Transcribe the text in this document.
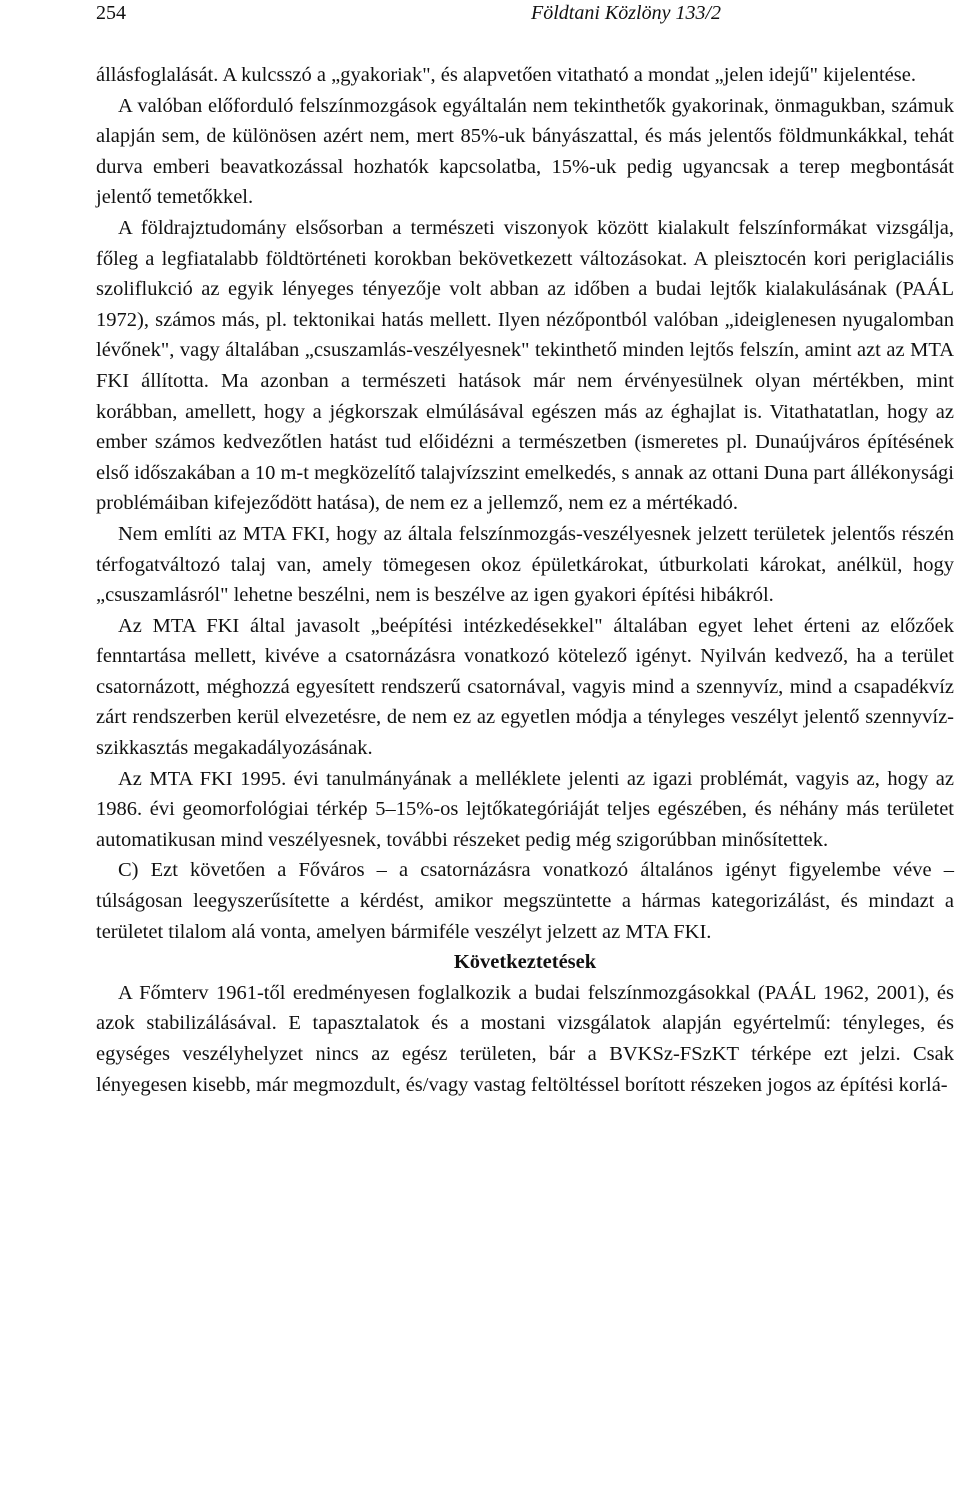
254	Földtani Közlöny 133/2

állásfoglalását. A kulcsszó a „gyakoriak", és alapvetően vitatható a mondat „jelen idejű" kijelentése.

A valóban előforduló felszínmozgások egyáltalán nem tekinthetők gyakorinak, önmagukban, számuk alapján sem, de különösen azért nem, mert 85%-uk bányászattal, és más jelentős földmunkákkal, tehát durva emberi beavatkozással hozhatók kapcsolatba, 15%-uk pedig ugyancsak a terep megbontását jelentő temetőkkel.

A földrajztudomány elsősorban a természeti viszonyok között kialakult felszínformákat vizsgálja, főleg a legfiatalabb földtörténeti korokban bekövetkezett változásokat. A pleisztocén kori periglaciális szoliflukció az egyik lényeges tényezője volt abban az időben a budai lejtők kialakulásának (PAÁL 1972), számos más, pl. tektonikai hatás mellett. Ilyen nézőpontból valóban „ideiglenesen nyugalomban lévőnek", vagy általában „csuszamlás-veszélyesnek" tekinthető minden lejtős felszín, amint azt az MTA FKI állította. Ma azonban a természeti hatások már nem érvényesülnek olyan mértékben, mint korábban, amellett, hogy a jégkorszak elmúlásával egészen más az éghajlat is. Vitathatatlan, hogy az ember számos kedvezőtlen hatást tud előidézni a természetben (ismeretes pl. Dunaújváros építésének első időszakában a 10 m-t megközelítő talajvízszint emelkedés, s annak az ottani Duna part állékonysági problémáiban kifejeződött hatása), de nem ez a jellemző, nem ez a mértékadó.

Nem említi az MTA FKI, hogy az általa felszínmozgás-veszélyesnek jelzett területek jelentős részén térfogatváltozó talaj van, amely tömegesen okoz épületkárokat, útburkolati károkat, anélkül, hogy „csuszamlásról" lehetne beszélni, nem is beszélve az igen gyakori építési hibákról.

Az MTA FKI által javasolt „beépítési intézkedésekkel" általában egyet lehet érteni az előzőek fenntartása mellett, kivéve a csatornázásra vonatkozó kötelező igényt. Nyilván kedvező, ha a terület csatornázott, méghozzá egyesített rendszerű csatornával, vagyis mind a szennyvíz, mind a csapadékvíz zárt rendszerben kerül elvezetésre, de nem ez az egyetlen módja a tényleges veszélyt jelentő szennyvíz-szikkasztás megakadályozásának.

Az MTA FKI 1995. évi tanulmányának a melléklete jelenti az igazi problémát, vagyis az, hogy az 1986. évi geomorfológiai térkép 5–15%-os lejtőkategóriáját teljes egészében, és néhány más területet automatikusan mind veszélyesnek, további részeket pedig még szigorúbban minősítettek.

C) Ezt követően a Főváros – a csatornázásra vonatkozó általános igényt figyelembe véve – túlságosan leegyszerűsítette a kérdést, amikor megszüntette a hármas kategorizálást, és mindazt a területet tilalom alá vonta, amelyen bármiféle veszélyt jelzett az MTA FKI.

Következtetések

A Főmterv 1961-től eredményesen foglalkozik a budai felszínmozgásokkal (PAÁL 1962, 2001), és azok stabilizálásával. E tapasztalatok és a mostani vizsgálatok alapján egyértelmű: tényleges, és egységes veszélyhelyzet nincs az egész területen, bár a BVKSz-FSzKT térképe ezt jelzi. Csak lényegesen kisebb, már megmozdult, és/vagy vastag feltöltéssel borított részeken jogos az építési korlá-
